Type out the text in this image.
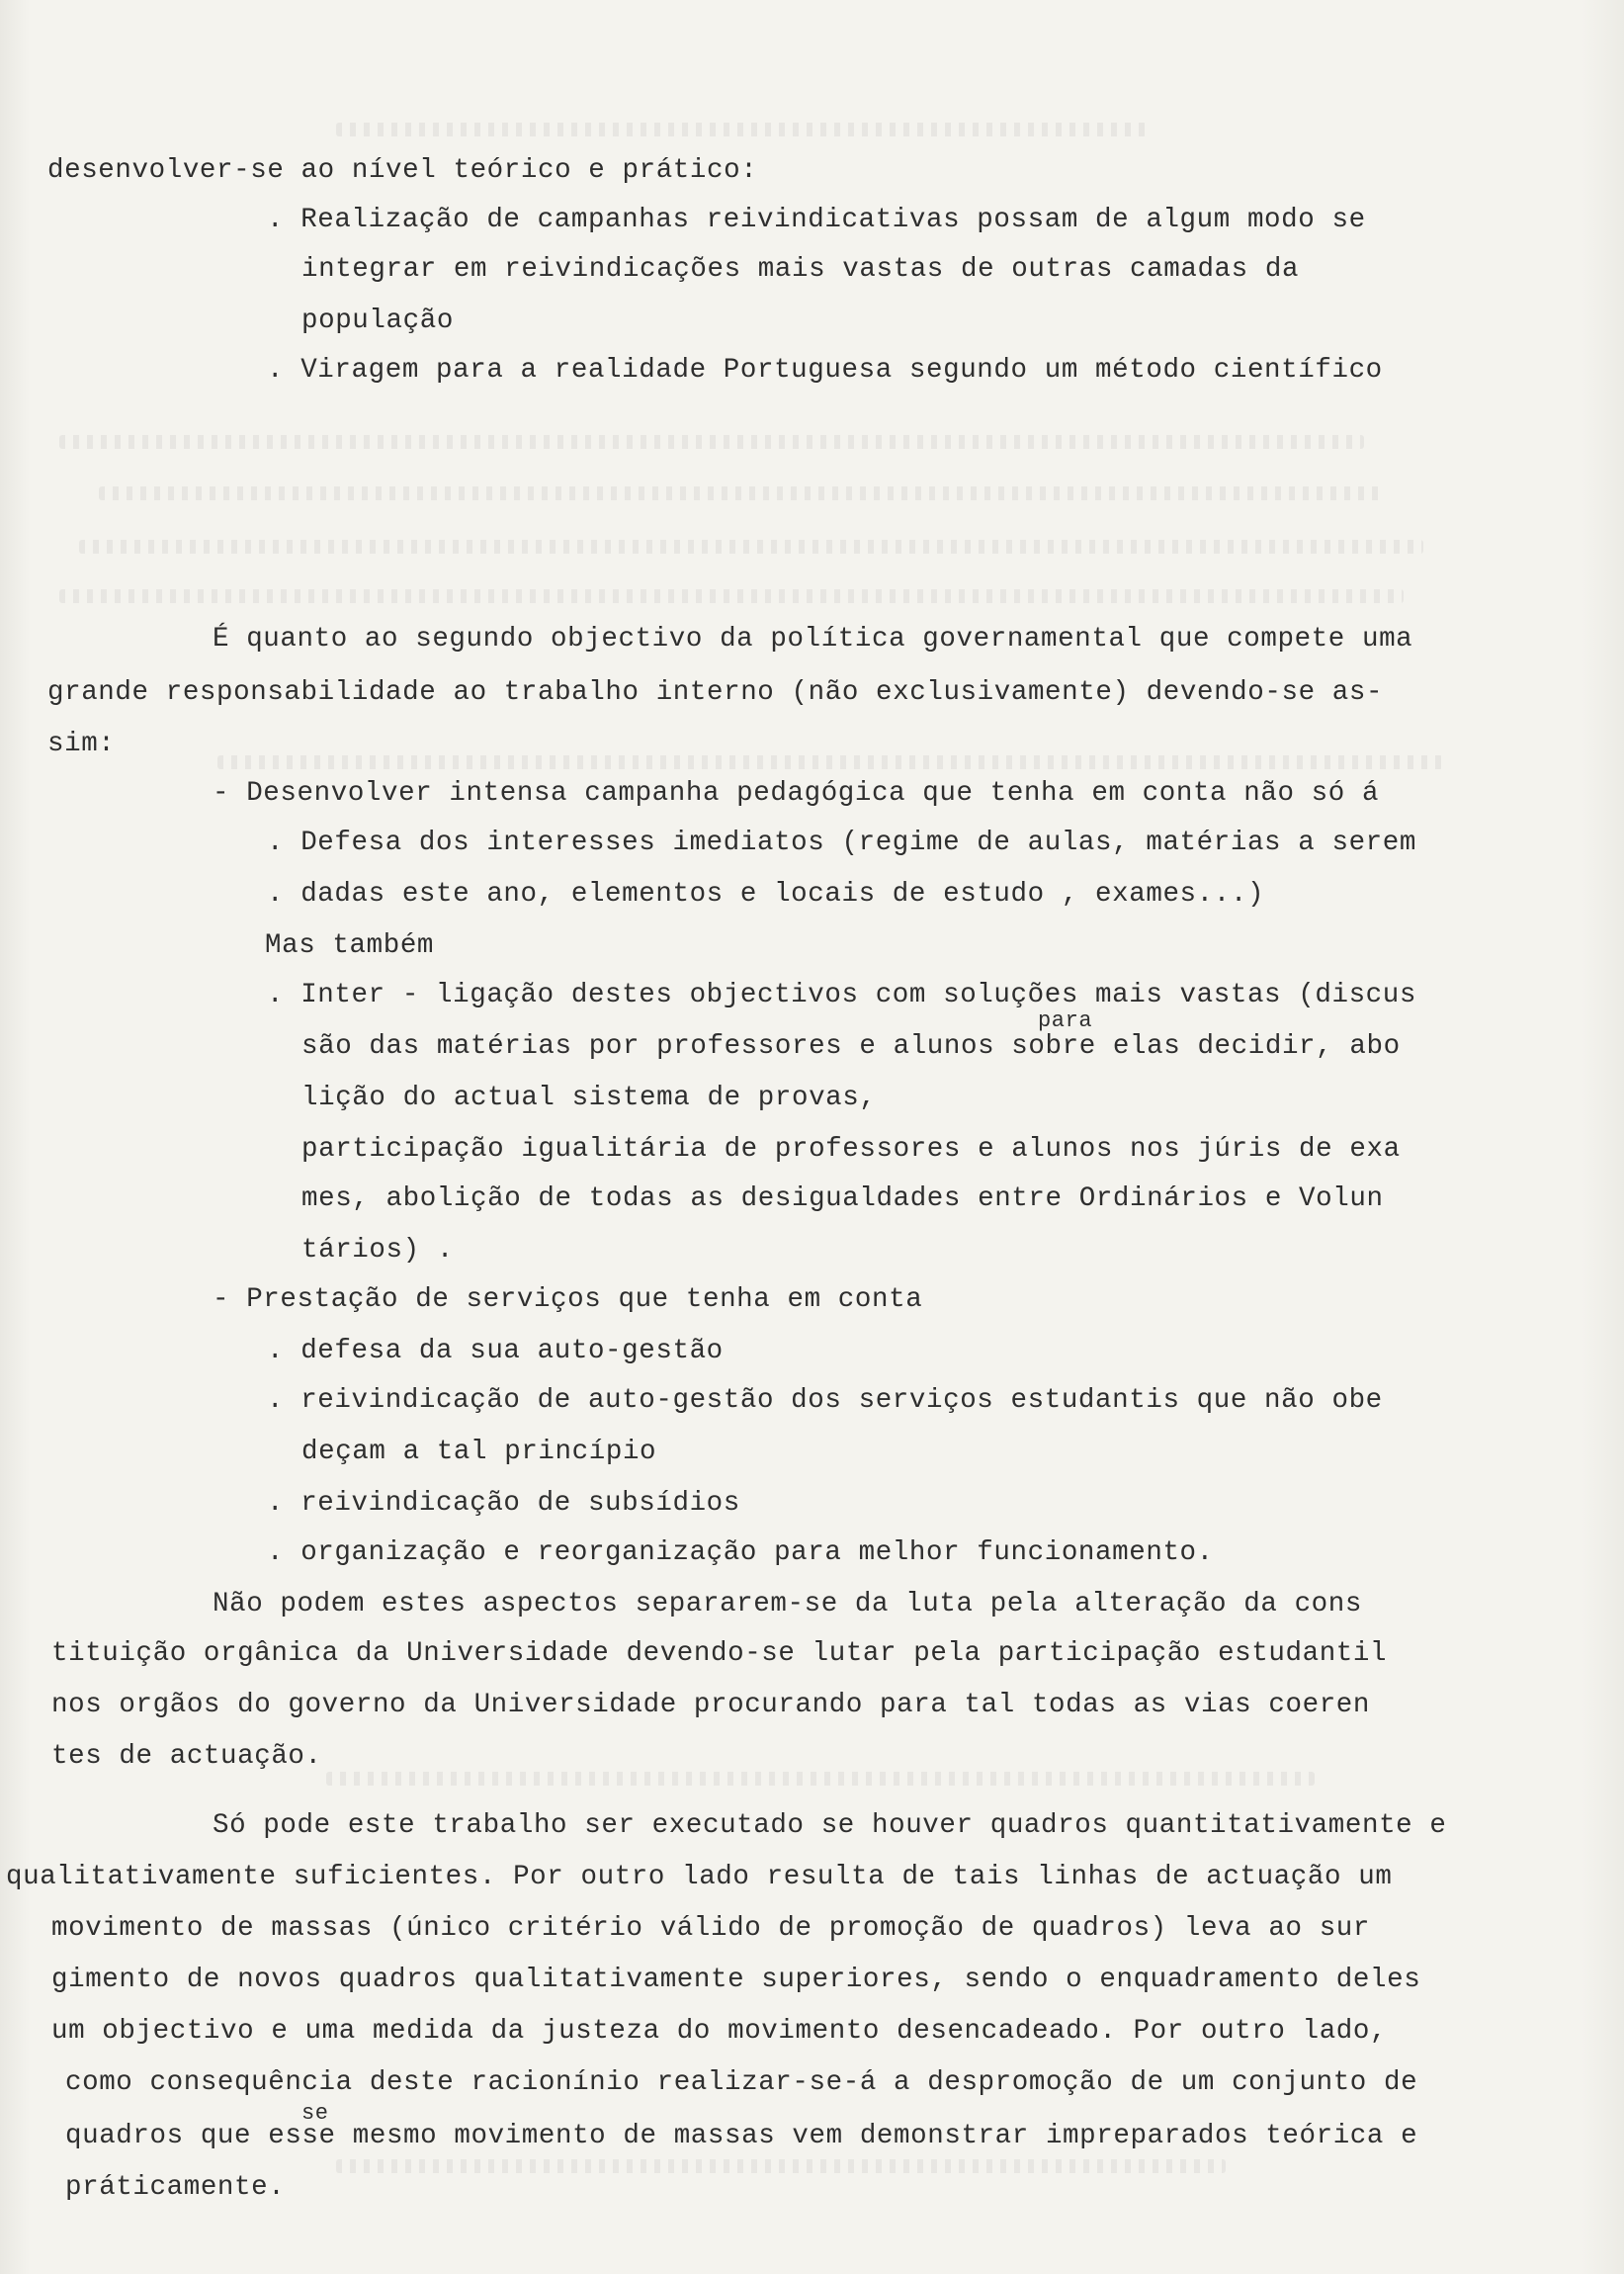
desenvolver-se ao nível teórico e prático:
. Realização de campanhas reivindicativas possam de algum modo se
integrar em reivindicações mais vastas de outras camadas da
população
. Viragem para a realidade Portuguesa segundo um método científico
É quanto ao segundo objectivo da política governamental que compete uma
grande responsabilidade ao trabalho interno (não exclusivamente) devendo-se as-
sim:
- Desenvolver intensa campanha pedagógica que tenha em conta não só á
. Defesa dos interesses imediatos (regime de aulas, matérias a serem
. dadas este ano, elementos e locais de estudo , exames...)
Mas também
. Inter - ligação destes objectivos com soluções mais vastas (discus
para
são das matérias por professores e alunos sobre elas decidir, abo
lição do actual sistema de provas,
participação igualitária de professores e alunos nos júris de exa
mes, abolição de todas as desigualdades entre Ordinários e Volun
tários) .
- Prestação de serviços que tenha em conta
. defesa da sua auto-gestão
. reivindicação de auto-gestão dos serviços estudantis que não obe
deçam a tal princípio
. reivindicação de subsídios
. organização e reorganização para melhor funcionamento.
Não podem estes aspectos separarem-se da luta pela alteração da cons
tituição orgânica da Universidade devendo-se lutar pela participação estudantil
nos orgãos do governo da Universidade procurando para tal todas as vias coeren
tes de actuação.
Só pode este trabalho ser executado se houver quadros quantitativamente e
qualitativamente suficientes. Por outro lado resulta de tais linhas de actuação um
movimento de massas (único critério válido de promoção de quadros) leva ao sur
gimento de novos quadros qualitativamente superiores, sendo o enquadramento deles
um objectivo e uma medida da justeza do movimento desencadeado. Por outro lado,
como consequência deste racionínio realizar-se-á a despromoção de um conjunto de
se
quadros que esse mesmo movimento de massas vem demonstrar impreparados teórica e
práticamente.
